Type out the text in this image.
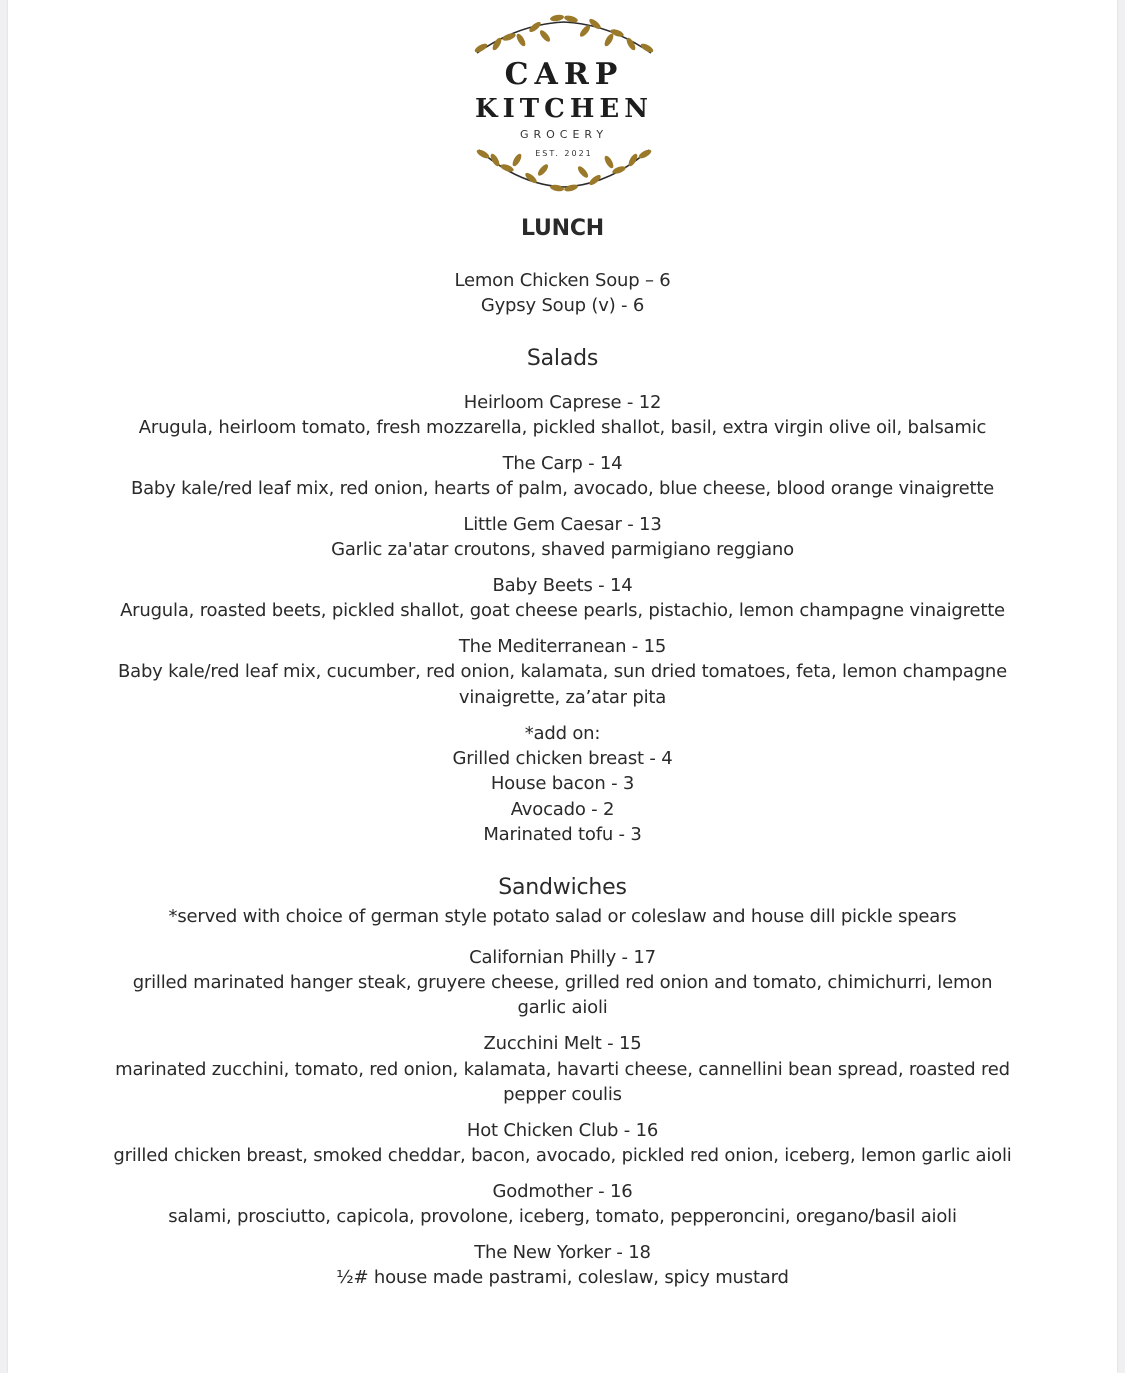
CARP
KITCHEN
GROCERY
EST. 2021
LUNCH
Lemon Chicken Soup – 6
Gypsy Soup (v) - 6
Salads
Heirloom Caprese - 12
Arugula, heirloom tomato, fresh mozzarella, pickled shallot, basil, extra virgin olive oil, balsamic
The Carp - 14
Baby kale/red leaf mix, red onion, hearts of palm, avocado, blue cheese, blood orange vinaigrette
Little Gem Caesar - 13
Garlic za'atar croutons, shaved parmigiano reggiano
Baby Beets - 14
Arugula, roasted beets, pickled shallot, goat cheese pearls, pistachio, lemon champagne vinaigrette
The Mediterranean - 15
Baby kale/red leaf mix, cucumber, red onion, kalamata, sun dried tomatoes, feta, lemon champagne
vinaigrette, za’atar pita
*add on:
Grilled chicken breast - 4
House bacon - 3
Avocado - 2
Marinated tofu - 3
Sandwiches
*served with choice of german style potato salad or coleslaw and house dill pickle spears
Californian Philly - 17
grilled marinated hanger steak, gruyere cheese, grilled red onion and tomato, chimichurri, lemon
garlic aioli
Zucchini Melt - 15
marinated zucchini, tomato, red onion, kalamata, havarti cheese, cannellini bean spread, roasted red
pepper coulis
Hot Chicken Club - 16
grilled chicken breast, smoked cheddar, bacon, avocado, pickled red onion, iceberg, lemon garlic aioli
Godmother - 16
salami, prosciutto, capicola, provolone, iceberg, tomato, pepperoncini, oregano/basil aioli
The New Yorker - 18
½# house made pastrami, coleslaw, spicy mustard
